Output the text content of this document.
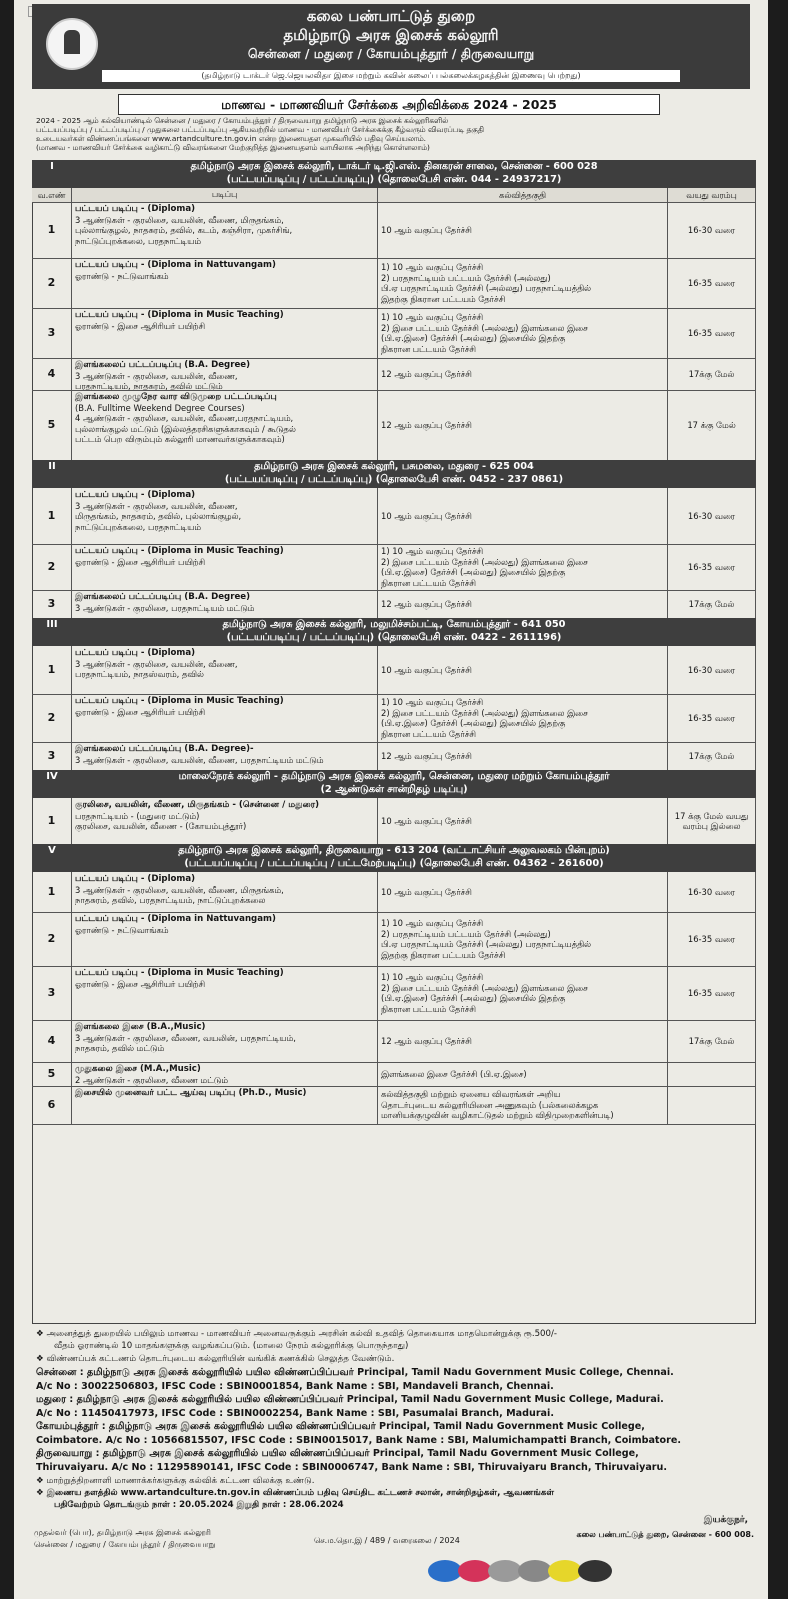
கலை பண்பாட்டுத் துறை
தமிழ்நாடு அரசு இசைக் கல்லூரி
சென்னை / மதுரை / கோயம்புத்தூர் / திருவையாறு
(தமிழ்நாடு டாக்டர் ஜெ.ஜெயலலிதா இசை மற்றும் கவின் கலைப் பல்கலைக்கழகத்தின் இணைவு பெற்றது)
மாணவ - மாணவியர் சேர்க்கை அறிவிக்கை 2024 - 2025
2024 - 2025 ஆம் கல்வியாண்டில் சென்னை / மதுரை / கோயம்புத்தூர் / திருவையாறு தமிழ்நாடு அரசு இசைக் கல்லூரிகளில்
பட்டயப்படிப்பு / பட்டப்படிப்பு / முதுகலை பட்டப்படிப்பு ஆகியவற்றில் மாணவ - மாணவியர் சேர்க்கைக்கு கீழ்வரும் விவரப்படி தகுதி
உடையவர்கள் விண்ணப்பங்களை www.artandculture.tn.gov.in என்ற இணையதள முகவரியில் பதிவு செய்யலாம்.
(மாணவ - மாணவியர் சேர்க்கை வழிகாட்டு விவரங்களை மேற்குறித்த இணையதளம் வாயிலாக அறிந்து கொள்ளலாம்)
I	தமிழ்நாடு அரசு இசைக் கல்லூரி, டாக்டர் டி.ஜி.எஸ். தினகரன் சாலை, சென்னை - 600 028
(பட்டயப்படிப்பு / பட்டப்படிப்பு) (தொலைபேசி எண். 044 - 24937217)
வ.எண்	படிப்பு	கல்வித்தகுதி	வயது வரம்பு
1
பட்டயப் படிப்பு - (Diploma)
3 ஆண்டுகள் - குரலிசை, வயலின், வீணை, மிருதங்கம்,
புல்லாங்குழல், நாதசுரம், தவில், கடம், கஞ்சிரா, முகர்சிங்,
நாட்டுப்புறக்கலை, பரதநாட்டியம்
10 ஆம் வகுப்பு தேர்ச்சி	16-30 வரை
2
பட்டயப் படிப்பு - (Diploma in Nattuvangam)
ஓராண்டு - நட்டுவாங்கம்
1) 10 ஆம் வகுப்பு தேர்ச்சி
2) பரதநாட்டியம் பட்டயம் தேர்ச்சி (அல்லது)
பி.ஏ பரதநாட்டியம் தேர்ச்சி (அல்லது) பரதநாட்டியத்தில்
இதற்கு நிகரான பட்டயம் தேர்ச்சி
16-35 வரை
3
பட்டயப் படிப்பு - (Diploma in Music Teaching)
ஓராண்டு - இசை ஆசிரியர் பயிற்சி
1) 10 ஆம் வகுப்பு தேர்ச்சி
2) இசை பட்டயம் தேர்ச்சி (அல்லது) இளங்கலை இசை
(பி.ஏ.இசை) தேர்ச்சி (அல்லது) இசையில் இதற்கு
நிகரான பட்டயம் தேர்ச்சி
16-35 வரை
4
இளங்கலைப் பட்டப்படிப்பு (B.A. Degree)
3 ஆண்டுகள் - குரலிசை, வயலின், வீணை,
பரதநாட்டியம், நாதசுரம், தவில் மட்டும்
12 ஆம் வகுப்பு தேர்ச்சி	17க்கு மேல்
5
இளங்கலை முழுநேர வார விடுமுறை பட்டப்படிப்பு
(B.A. Fulltime Weekend Degree Courses)
4 ஆண்டுகள் - குரலிசை, வயலின், வீணை,பரதநாட்டியம்,
புல்லாங்குழல் மட்டும் (இல்லத்தரசிகளுக்காகவும் / கூடுதல்
பட்டம் பெற விரும்பும் கல்லூரி மாணவர்களுக்காகவும்)
12 ஆம் வகுப்பு தேர்ச்சி	17 க்கு மேல்
II	தமிழ்நாடு அரசு இசைக் கல்லூரி, பசுமலை, மதுரை - 625 004
(பட்டயப்படிப்பு / பட்டப்படிப்பு) (தொலைபேசி எண். 0452 - 237 0861)
1
பட்டயப் படிப்பு - (Diploma)
3 ஆண்டுகள் - குரலிசை, வயலின், வீணை,
மிருதங்கம், நாதசுரம், தவில், புல்லாங்குழல்,
நாட்டுப்புறக்கலை, பரதநாட்டியம்
10 ஆம் வகுப்பு தேர்ச்சி	16-30 வரை
2
பட்டயப் படிப்பு - (Diploma in Music Teaching)
ஓராண்டு - இசை ஆசிரியர் பயிற்சி
1) 10 ஆம் வகுப்பு தேர்ச்சி
2) இசை பட்டயம் தேர்ச்சி (அல்லது) இளங்கலை இசை
(பி.ஏ.இசை) தேர்ச்சி (அல்லது) இசையில் இதற்கு
நிகரான பட்டயம் தேர்ச்சி
16-35 வரை
3	இளங்கலைப் பட்டப்படிப்பு (B.A. Degree)
3 ஆண்டுகள் - குரலிசை, பரதநாட்டியம் மட்டும்	12 ஆம் வகுப்பு தேர்ச்சி	17க்கு மேல்
III	தமிழ்நாடு அரசு இசைக் கல்லூரி, மலுமிச்சம்பட்டி, கோயம்புத்தூர் - 641 050
(பட்டயப்படிப்பு / பட்டப்படிப்பு) (தொலைபேசி எண். 0422 - 2611196)
1
பட்டயப் படிப்பு - (Diploma)
3 ஆண்டுகள் - குரலிசை, வயலின், வீணை,
பரதநாட்டியம், நாதஸ்வரம், தவில்	10 ஆம் வகுப்பு தேர்ச்சி	16-30 வரை
2
பட்டயப் படிப்பு - (Diploma in Music Teaching)
ஓராண்டு - இசை ஆசிரியர் பயிற்சி
1) 10 ஆம் வகுப்பு தேர்ச்சி
2) இசை பட்டயம் தேர்ச்சி (அல்லது) இளங்கலை இசை
(பி.ஏ.இசை) தேர்ச்சி (அல்லது) இசையில் இதற்கு
நிகரான பட்டயம் தேர்ச்சி
16-35 வரை
3	இளங்கலைப் பட்டப்படிப்பு (B.A. Degree)-
3 ஆண்டுகள் - குரலிசை, வயலின், வீணை, பரதநாட்டியம் மட்டும்	12 ஆம் வகுப்பு தேர்ச்சி	17க்கு மேல்
IV	மாலைநேரக் கல்லூரி - தமிழ்நாடு அரசு இசைக் கல்லூரி, சென்னை, மதுரை மற்றும் கோயம்புத்தூர்
(2 ஆண்டுகள் சான்றிதழ் படிப்பு)
1
குரலிசை, வயலின், வீணை, மிருதங்கம் - (சென்னை / மதுரை)
பரதநாட்டியம் - (மதுரை மட்டும்)
குரலிசை, வயலின், வீணை - (கோயம்புத்தூர்)
10 ஆம் வகுப்பு தேர்ச்சி
17 க்கு மேல் வயது வரம்பு இல்லை
V	தமிழ்நாடு அரசு இசைக் கல்லூரி, திருவையாறு - 613 204 (வட்டாட்சியர் அலுவலகம் பின்புறம்)
(பட்டயப்படிப்பு / பட்டப்படிப்பு / பட்டமேற்படிப்பு) (தொலைபேசி எண். 04362 - 261600)
1
பட்டயப் படிப்பு - (Diploma)
3 ஆண்டுகள் - குரலிசை, வயலின், வீணை, மிருதங்கம்,
நாதசுரம், தவில், பரதநாட்டியம், நாட்டுப்புறக்கலை
10 ஆம் வகுப்பு தேர்ச்சி	16-30 வரை
2
பட்டயப் படிப்பு - (Diploma in Nattuvangam)
ஓராண்டு - நட்டுவாங்கம்
1) 10 ஆம் வகுப்பு தேர்ச்சி
2) பரதநாட்டியம் பட்டயம் தேர்ச்சி (அல்லது)
பி.ஏ பரதநாட்டியம் தேர்ச்சி (அல்லது) பரதநாட்டியத்தில்
இதற்கு நிகரான பட்டயம் தேர்ச்சி
16-35 வரை
3
பட்டயப் படிப்பு - (Diploma in Music Teaching)
ஓராண்டு - இசை ஆசிரியர் பயிற்சி
1) 10 ஆம் வகுப்பு தேர்ச்சி
2) இசை பட்டயம் தேர்ச்சி (அல்லது) இளங்கலை இசை
(பி.ஏ.இசை) தேர்ச்சி (அல்லது) இசையில் இதற்கு
நிகரான பட்டயம் தேர்ச்சி
16-35 வரை
4
இளங்கலை இசை (B.A.,Music)
3 ஆண்டுகள் - குரலிசை, வீணை, வயலின், பரதநாட்டியம்,
நாதசுரம், தவில் மட்டும்
12 ஆம் வகுப்பு தேர்ச்சி	17க்கு மேல்
5	முதுகலை இசை (M.A.,Music)
2 ஆண்டுகள் - குரலிசை, வீணை மட்டும்
இளங்கலை இசை தேர்ச்சி (பி.ஏ.இசை)
6
இசையில் முனைவர் பட்ட ஆய்வு படிப்பு (Ph.D., Music)	கல்வித்தகுதி மற்றும் ஏனைய விவரங்கள் அறிய
தொடர்புடைய கல்லூரியினை அணுகவும் (பல்கலைக்கழக
மானியக்குழுவின் வழிகாட்டுதல் மற்றும் விதிமுறைகளின்படி)
❖ அனைத்துத் துறையில் பயிலும் மாணவ - மாணவியர் அனைவருக்கும் அரசின் கல்வி உதவித் தொகையாக மாதமொன்றுக்கு ரூ.500/-
வீதம் ஓராண்டில் 10 மாதங்களுக்கு வழங்கப்படும். (மாலை நேரம் கல்லூரிக்கு பொருந்தாது)
❖ விண்ணப்பக் கட்டணம் தொடர்புடைய கல்லூரியின் வங்கிக் கணக்கில் செலுத்த வேண்டும்.
சென்னை : தமிழ்நாடு அரசு இசைக் கல்லூரியில் பயில விண்ணப்பிப்பவர் Principal, Tamil Nadu Government Music College, Chennai.
A/c No : 30022506803, IFSC Code : SBIN0001854, Bank Name : SBI, Mandaveli Branch, Chennai.
மதுரை : தமிழ்நாடு அரசு இசைக் கல்லூரியில் பயில விண்ணப்பிப்பவர் Principal, Tamil Nadu Government Music College, Madurai.
A/c No : 11450417973, IFSC Code : SBIN0002254, Bank Name : SBI, Pasumalai Branch, Madurai.
கோயம்புத்தூர் : தமிழ்நாடு அரசு இசைக் கல்லூரியில் பயில விண்ணப்பிப்பவர் Principal, Tamil Nadu Government Music College,
Coimbatore. A/c No : 10566815507, IFSC Code : SBIN0015017, Bank Name : SBI, Malumichampatti Branch, Coimbatore.
திருவையாறு : தமிழ்நாடு அரசு இசைக் கல்லூரியில் பயில விண்ணப்பிப்பவர் Principal, Tamil Nadu Government Music College,
Thiruvaiyaru. A/c No : 11295890141, IFSC Code : SBIN0006747, Bank Name : SBI, Thiruvaiyaru Branch, Thiruvaiyaru.
❖ மாற்றுத்திறனாளி மாணாக்கர்களுக்கு கல்விக் கட்டண விலக்கு உண்டு.
❖ இணைய தளத்தில் www.artandculture.tn.gov.in விண்ணப்பம் பதிவு செய்திட கட்டணச் சலான், சான்றிதழ்கள், ஆவணங்கள்
பதிவேற்றம் தொடங்கும் நாள் : 20.05.2024 இறுதி நாள் : 28.06.2024
இயக்குநர்,
முதல்வர் (பொ), தமிழ்நாடு அரசு இசைக் கல்லூரி
சென்னை / மதுரை / கோயம்புத்தூர் / திருவையாறு	செ.ம.தொ.இ / 489 / வரைகலை / 2024
கலை பண்பாட்டுத் துறை, சென்னை - 600 008.
